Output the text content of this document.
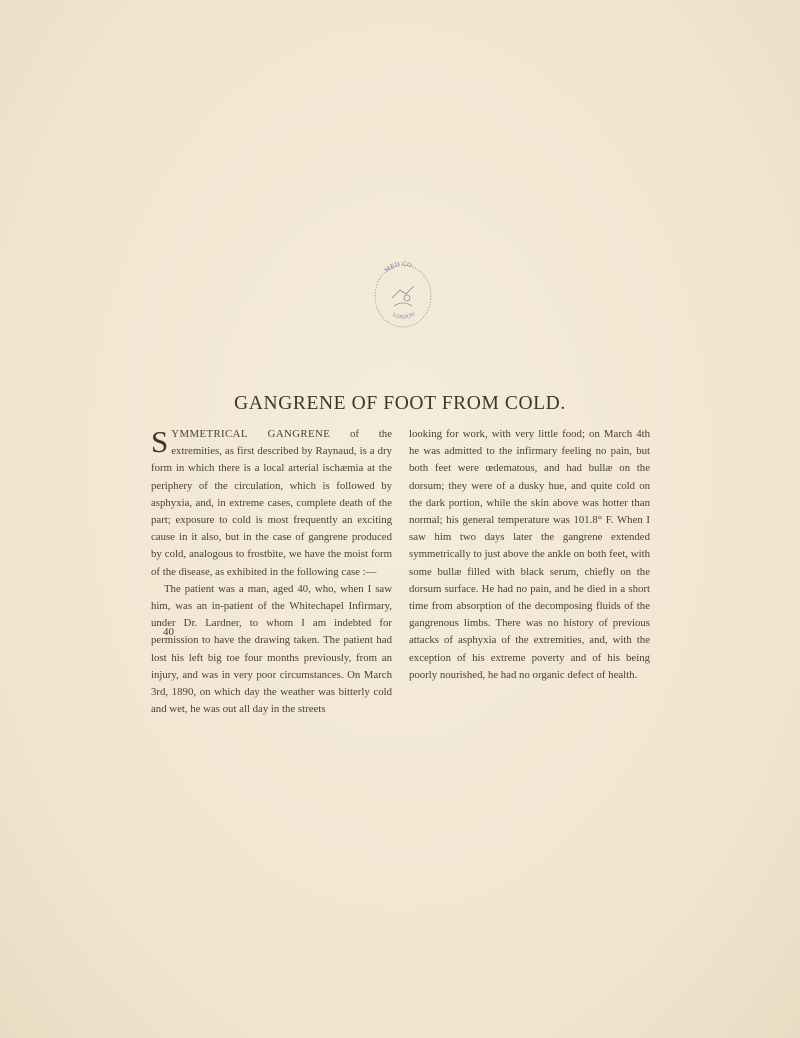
MED CO
LONDON
GANGRENE OF FOOT FROM COLD.

SYMMETRICAL GANGRENE of the extremities, as first described by Raynaud, is a dry form in which there is a local arterial ischæmia at the periphery of the circulation, which is followed by asphyxia, and, in extreme cases, complete death of the part; exposure to cold is most frequently an exciting cause in it also, but in the case of gangrene produced by cold, analogous to frostbite, we have the moist form of the disease, as exhibited in the following case :—

The patient was a man, aged 40, who, when I saw him, was an in-patient of the Whitechapel Infirmary, under Dr. Lardner, to whom I am indebted for permission to have the drawing taken. The patient had lost his left big toe four months previously, from an injury, and was in very poor circumstances. On March 3rd, 1890, on which day the weather was bitterly cold and wet, he was out all day in the streets

40

looking for work, with very little food; on March 4th he was admitted to the infirmary feeling no pain, but both feet were œdematous, and had bullæ on the dorsum; they were of a dusky hue, and quite cold on the dark portion, while the skin above was hotter than normal; his general temperature was 101.8° F. When I saw him two days later the gangrene extended symmetrically to just above the ankle on both feet, with some bullæ filled with black serum, chiefly on the dorsum surface. He had no pain, and he died in a short time from absorption of the decomposing fluids of the gangrenous limbs. There was no history of previous attacks of asphyxia of the extremities, and, with the exception of his extreme poverty and of his being poorly nourished, he had no organic defect of health.
